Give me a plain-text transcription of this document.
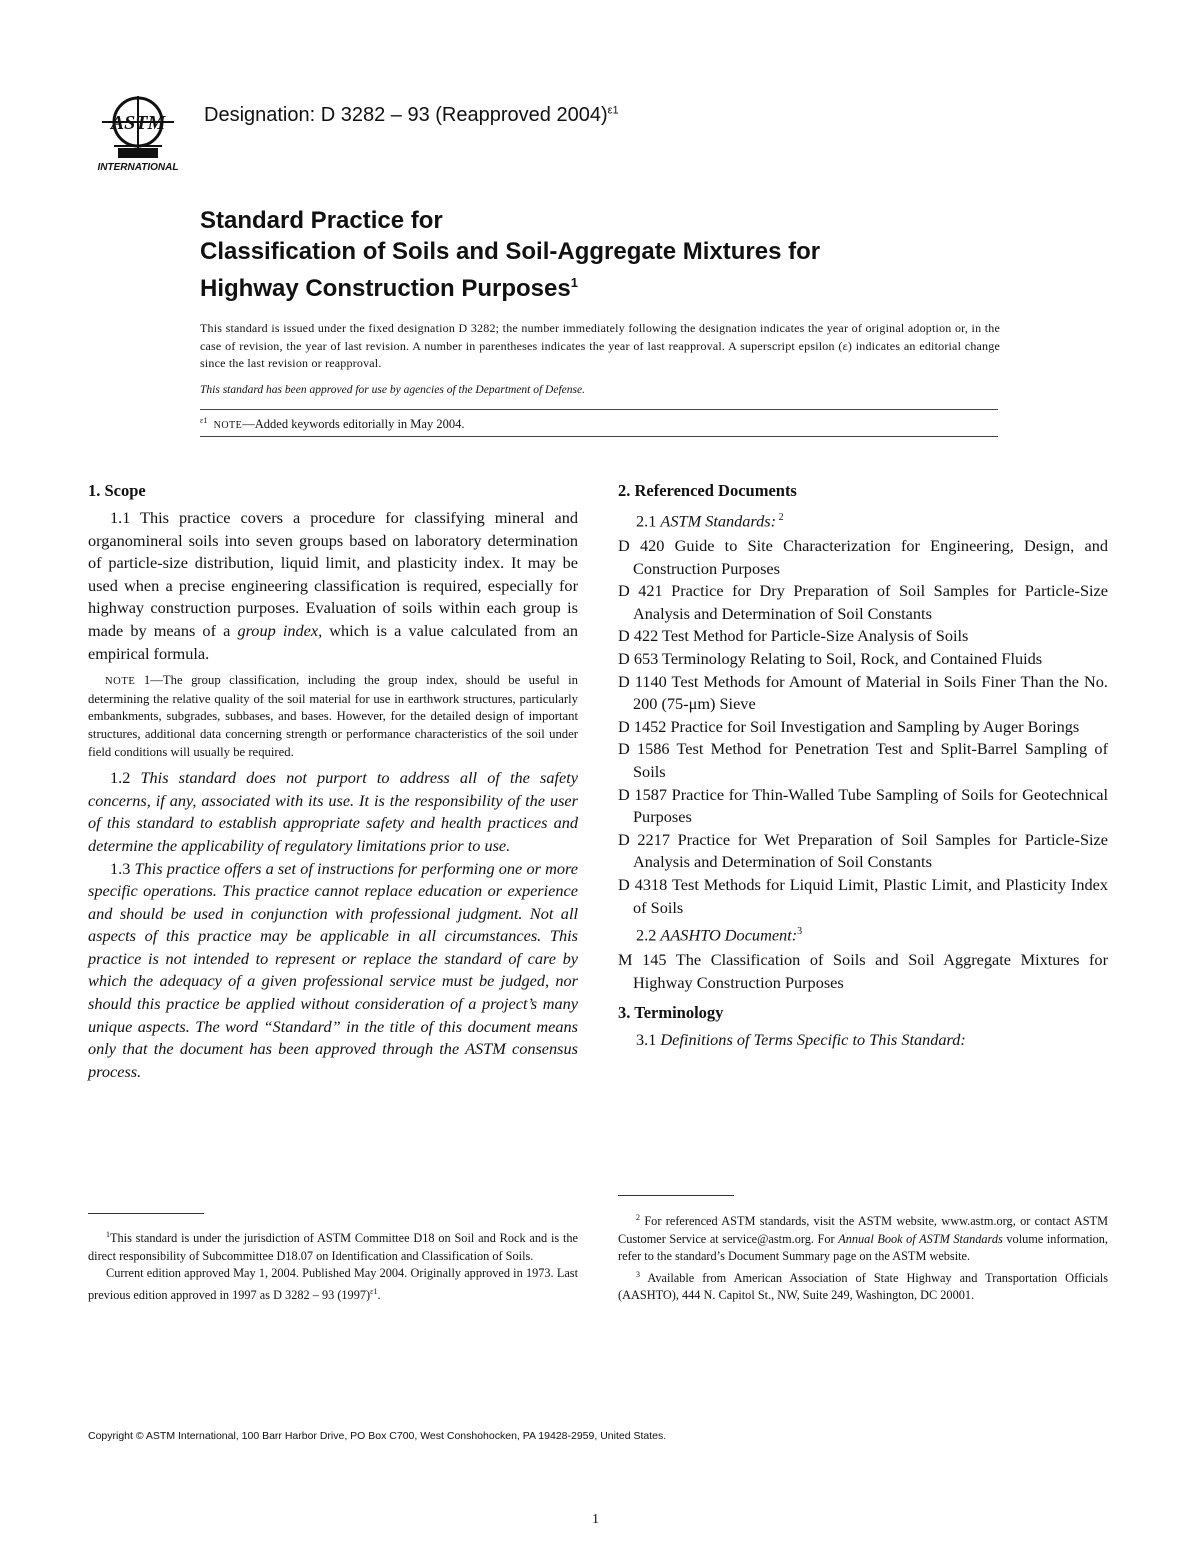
ASTM
INTERNATIONAL
Designation: D 3282 – 93 (Reapproved 2004)$^{\varepsilon 1}$
Standard Practice for
Classification of Soils and Soil-Aggregate Mixtures for
Highway Construction Purposes$^1$
This standard is issued under the fixed designation D 3282; the number immediately following the designation indicates the year of original adoption or, in the case of revision, the year of last revision. A number in parentheses indicates the year of last reapproval. A superscript epsilon (ε) indicates an editorial change since the last revision or reapproval.
This standard has been approved for use by agencies of the Department of Defense.
$^{\varepsilon 1}$ NOTE—Added keywords editorially in May 2004.
1. Scope

1.1 This practice covers a procedure for classifying mineral and organomineral soils into seven groups based on laboratory determination of particle-size distribution, liquid limit, and plasticity index. It may be used when a precise engineering classification is required, especially for highway construction purposes. Evaluation of soils within each group is made by means of a group index, which is a value calculated from an empirical formula.

NOTE 1—The group classification, including the group index, should be useful in determining the relative quality of the soil material for use in earthwork structures, particularly embankments, subgrades, subbases, and bases. However, for the detailed design of important structures, additional data concerning strength or performance characteristics of the soil under field conditions will usually be required.

1.2 This standard does not purport to address all of the safety concerns, if any, associated with its use. It is the responsibility of the user of this standard to establish appropriate safety and health practices and determine the applicability of regulatory limitations prior to use.

1.3 This practice offers a set of instructions for performing one or more specific operations. This practice cannot replace education or experience and should be used in conjunction with professional judgment. Not all aspects of this practice may be applicable in all circumstances. This practice is not intended to represent or replace the standard of care by which the adequacy of a given professional service must be judged, nor should this practice be applied without consideration of a project’s many unique aspects. The word “Standard” in the title of this document means only that the document has been approved through the ASTM consensus process.

2. Referenced Documents

2.1 ASTM Standards: $^2$

D 420 Guide to Site Characterization for Engineering, Design, and Construction Purposes

D 421 Practice for Dry Preparation of Soil Samples for Particle-Size Analysis and Determination of Soil Constants

D 422 Test Method for Particle-Size Analysis of Soils

D 653 Terminology Relating to Soil, Rock, and Contained Fluids

D 1140 Test Methods for Amount of Material in Soils Finer Than the No. 200 (75-μm) Sieve

D 1452 Practice for Soil Investigation and Sampling by Auger Borings

D 1586 Test Method for Penetration Test and Split-Barrel Sampling of Soils

D 1587 Practice for Thin-Walled Tube Sampling of Soils for Geotechnical Purposes

D 2217 Practice for Wet Preparation of Soil Samples for Particle-Size Analysis and Determination of Soil Constants

D 4318 Test Methods for Liquid Limit, Plastic Limit, and Plasticity Index of Soils

2.2 AASHTO Document:$^3$

M 145 The Classification of Soils and Soil Aggregate Mixtures for Highway Construction Purposes

3. Terminology

3.1 Definitions of Terms Specific to This Standard:

$^1$This standard is under the jurisdiction of ASTM Committee D18 on Soil and Rock and is the direct responsibility of Subcommittee D18.07 on Identification and Classification of Soils.

Current edition approved May 1, 2004. Published May 2004. Originally approved in 1973. Last previous edition approved in 1997 as D 3282 – 93 $(1997)^{\varepsilon 1}$.

$^2$ For referenced ASTM standards, visit the ASTM website, www.astm.org, or contact ASTM Customer Service at service@astm.org. For Annual Book of ASTM Standards volume information, refer to the standard’s Document Summary page on the ASTM website.

$^3$ Available from American Association of State Highway and Transportation Officials (AASHTO), 444 N. Capitol St., NW, Suite 249, Washington, DC 20001.

Copyright © ASTM International, 100 Barr Harbor Drive, PO Box C700, West Conshohocken, PA 19428-2959, United States.
1
